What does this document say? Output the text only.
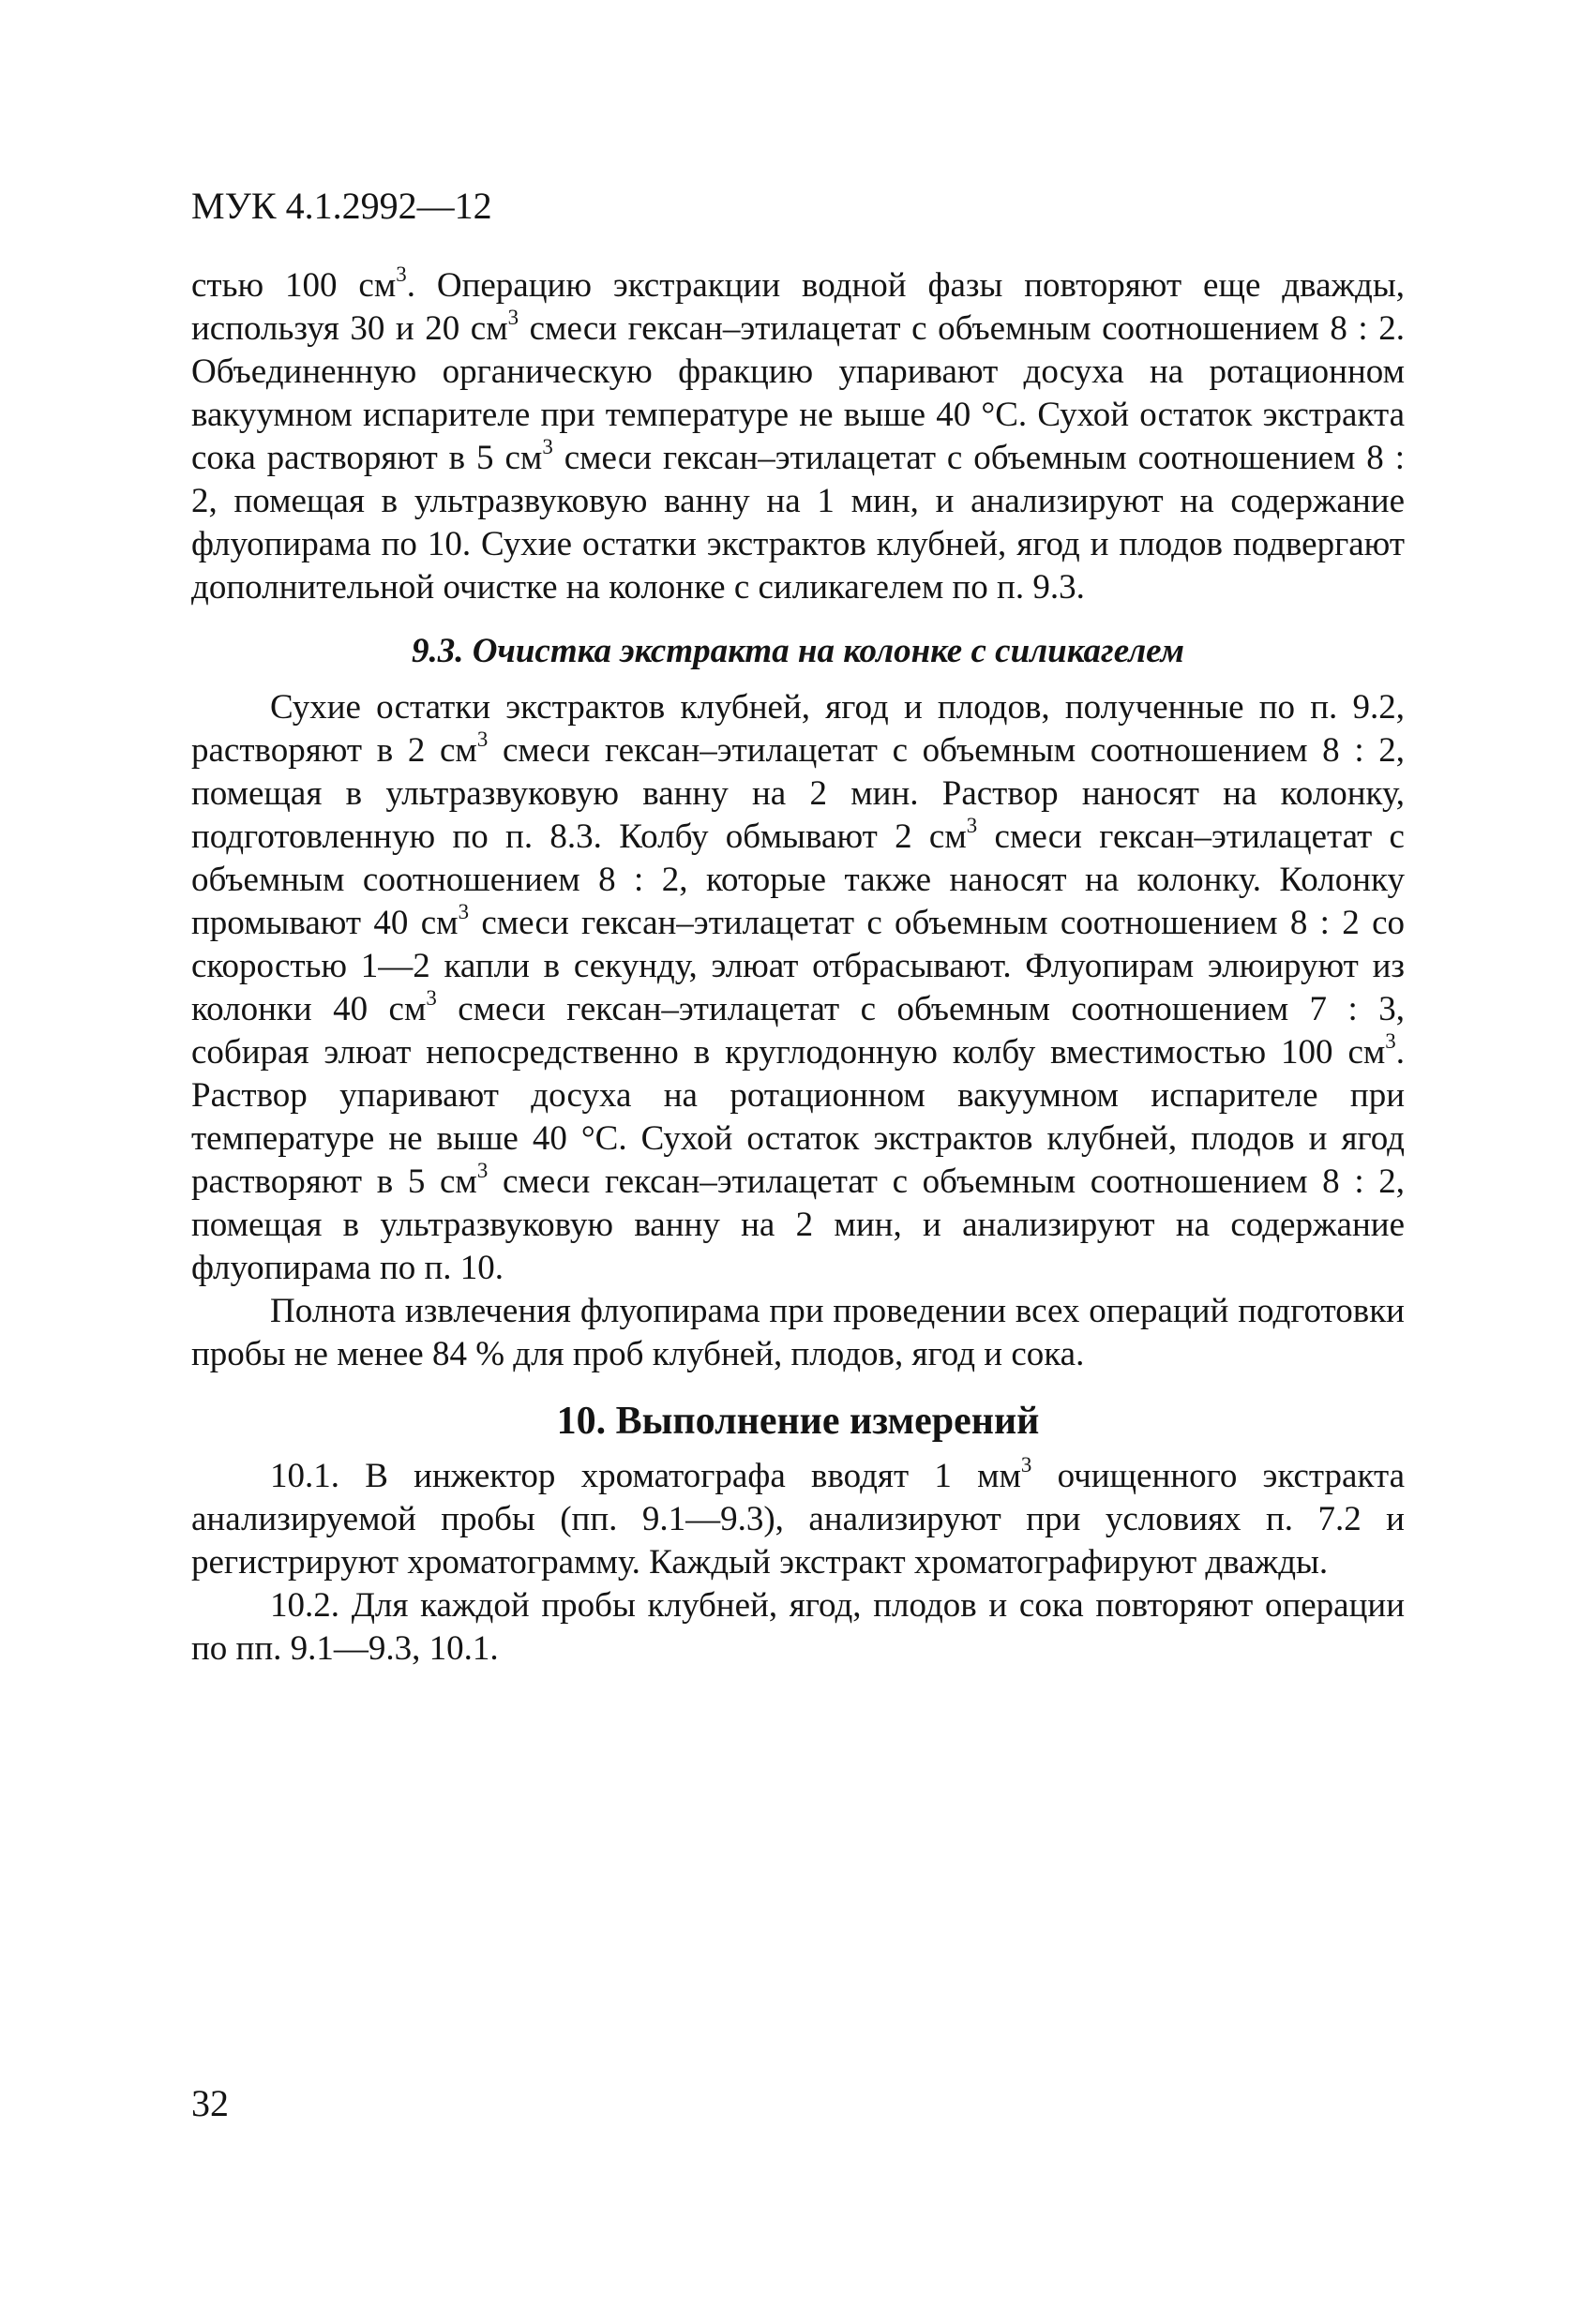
МУК 4.1.2992—12

стью 100 $см^3$. Операцию экстракции водной фазы повторяют еще дважды, используя 30 и 20 $см^3$ смеси гексан–этилацетат с объемным соотношением 8 : 2. Объединенную органическую фракцию упаривают досуха на ротационном вакуумном испарителе при температуре не выше 40 °С. Сухой остаток экстракта сока растворяют в 5 $см^3$ смеси гексан–этилацетат с объемным соотношением 8 : 2, помещая в ультразвуковую ванну на 1 мин, и анализируют на содержание флуопирама по 10. Сухие остатки экстрактов клубней, ягод и плодов подвергают дополнительной очистке на колонке с силикагелем по п. 9.3.

9.3. Очистка экстракта на колонке с силикагелем

Сухие остатки экстрактов клубней, ягод и плодов, полученные по п. 9.2, растворяют в 2 $см^3$ смеси гексан–этилацетат с объемным соотношением 8 : 2, помещая в ультразвуковую ванну на 2 мин. Раствор наносят на колонку, подготовленную по п. 8.3. Колбу обмывают 2 $см^3$ смеси гексан–этилацетат с объемным соотношением 8 : 2, которые также наносят на колонку. Колонку промывают 40 $см^3$ смеси гексан–этилацетат с объемным соотношением 8 : 2 со скоростью 1—2 капли в секунду, элюат отбрасывают. Флуопирам элюируют из колонки 40 $см^3$ смеси гексан–этилацетат с объемным соотношением 7 : 3, собирая элюат непосредственно в круглодонную колбу вместимостью 100 $см^3$. Раствор упаривают досуха на ротационном вакуумном испарителе при температуре не выше 40 °С. Сухой остаток экстрактов клубней, плодов и ягод растворяют в 5 $см^3$ смеси гексан–этилацетат с объемным соотношением 8 : 2, помещая в ультразвуковую ванну на 2 мин, и анализируют на содержание флуопирама по п. 10.

Полнота извлечения флуопирама при проведении всех операций подготовки пробы не менее 84 % для проб клубней, плодов, ягод и сока.

10. Выполнение измерений

10.1. В инжектор хроматографа вводят 1 $мм^3$ очищенного экстракта анализируемой пробы (пп. 9.1—9.3), анализируют при условиях п. 7.2 и регистрируют хроматограмму. Каждый экстракт хроматографируют дважды.

10.2. Для каждой пробы клубней, ягод, плодов и сока повторяют операции по пп. 9.1—9.3, 10.1.

32
